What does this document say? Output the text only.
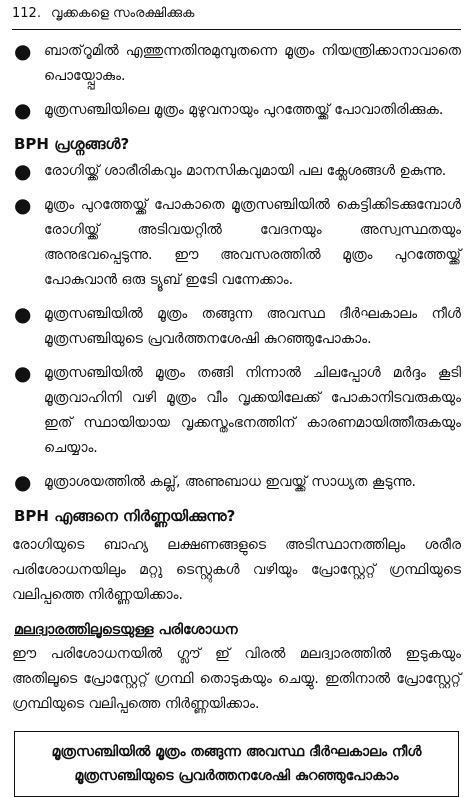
112. വൃക്കകളെ സംരക്ഷിക്കുക
● ബാത്‌റൂമിൽ എത്തുന്നതിനുമുമ്പുതന്നെ മൂത്രം നിയന്ത്രിക്കാനാവാതെ പൊയ്പ്പോകും.
● മൂത്രസഞ്ചിയിലെ മൂത്രം മുഴുവനായും പുറത്തേയ്ക്ക് പോവാതിരിക്കുക.
BPH പ്രശ്നങ്ങൾ?
● രോഗിയ്ക്ക് ശാരീരികവും മാനസികവുമായി പല ക്ലേശങ്ങൾ ഉകുന്നു.
● മൂത്രം പുറത്തേയ്ക്ക് പോകാതെ മൂത്രസഞ്ചിയിൽ കെട്ടിക്കിടക്കുമ്പോൾ രോഗിയ്ക്ക് അടിവയറ്റിൽ വേദനയും അസ്വസ്ഥതയും അനുഭവപ്പെടുന്നു. ഈ അവസരത്തിൽ മൂത്രം പുറത്തേയ്ക്ക് പോകുവാൻ ഒരു ട്യൂബ് ഇടേി വന്നേക്കാം.
● മൂത്രസഞ്ചിയിൽ മൂത്രം തങ്ങുന്ന അവസ്ഥ ദീർഘകാലം നീൾ മൂത്രസഞ്ചിയുടെ പ്രവർത്തനശേഷി കുറഞ്ഞുപോകാം.
● മൂത്രസഞ്ചിയിൽ മൂത്രം തങ്ങി നിന്നാൽ ചിലപ്പോൾ മർദ്ദം കൂടി മൂത്രവാഹിനി വഴി മൂത്രം വീം വൃക്കയിലേക്ക് പോകാനിടവരുകയും ഇത് സ്ഥായിയായ വൃക്കസ്തംഭനത്തിന് കാരണമായിത്തീരുകയും ചെയ്യാം.
● മൂത്രാശയത്തിൽ കല്ല്, അണുബാധ ഇവയ്ക്ക് സാധ്യത കൂടുന്നു.
BPH എങ്ങനെ നിർണ്ണയിക്കുന്നു?

രോഗിയുടെ ബാഹ്യ ലക്ഷണങ്ങളുടെ അടിസ്ഥാനത്തിലും ശരീര പരിശോധനയിലും മറ്റു ടെസ്റ്റുകൾ വഴിയും പ്രോസ്റ്റേറ്റ് ഗ്രന്ഥിയുടെ വലിപ്പത്തെ നിർണ്ണയിക്കാം.

മലദ്വാരത്തിലൂടെയുള്ള പരിശോധന

ഈ പരിശോധനയിൽ ഗ്ലൗ് ഇ് വിരൽ മലദ്വാരത്തിൽ ഇടുകയും അതിലൂടെ പ്രോസ്റ്റേറ്റ് ഗ്രന്ഥി തൊടുകയും ചെയ്യു. ഇതിനാൽ പ്രോസ്റ്റേറ്റ് ഗ്രന്ഥിയുടെ വലിപ്പത്തെ നിർണ്ണയിക്കാം.

മൂത്രസഞ്ചിയിൽ മൂത്രം തങ്ങുന്ന അവസ്ഥ ദീർഘകാലം നീൾ
മൂത്രസഞ്ചിയുടെ പ്രവർത്തനശേഷി കുറഞ്ഞുപോകാം
